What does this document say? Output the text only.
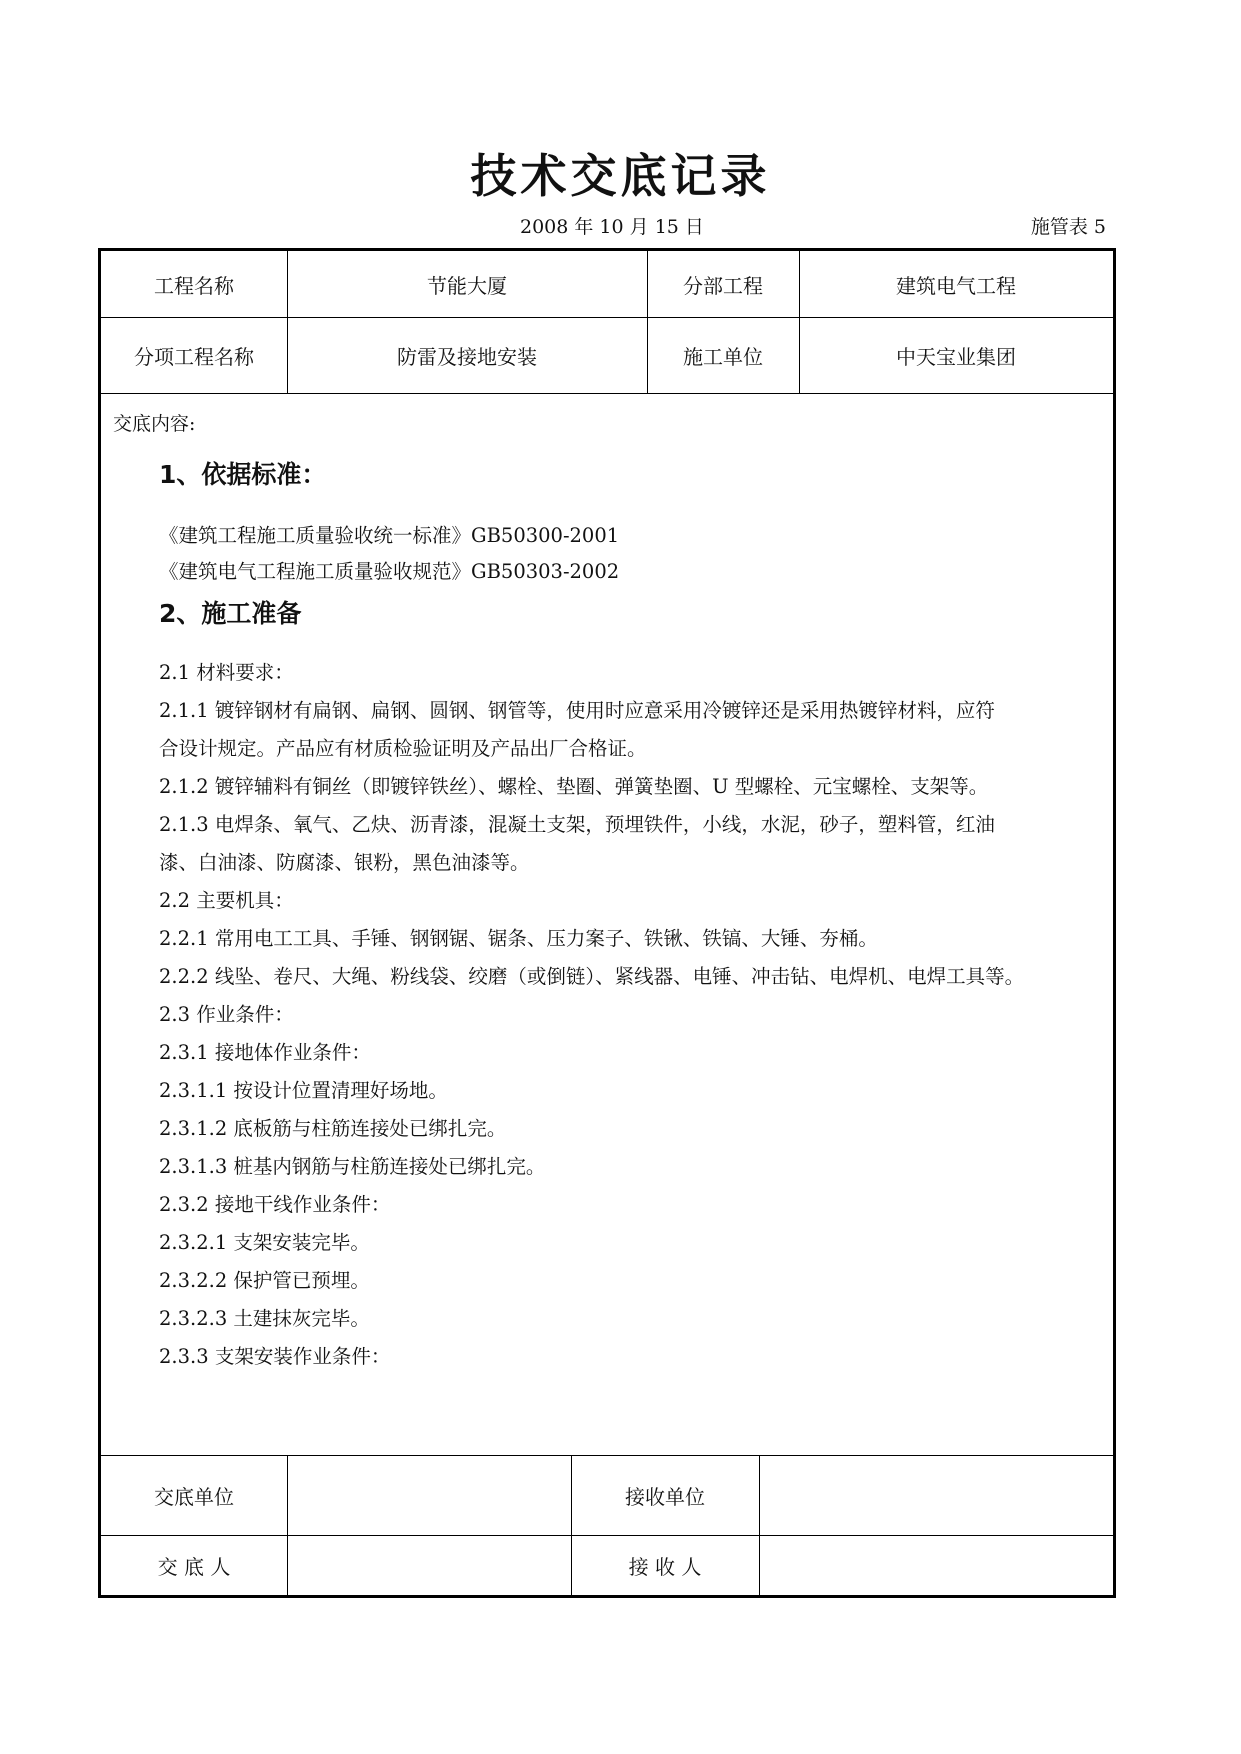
技术交底记录
2008 年 10 月 15 日	施管表 5
工程名称	节能大厦	分部工程	建筑电气工程
分项工程名称	防雷及接地安装	施工单位	中天宝业集团
交底内容:
1、依据标准：
《建筑工程施工质量验收统一标准》GB50300-2001
《建筑电气工程施工质量验收规范》GB50303-2002
2、施工准备
2.1 材料要求：
2.1.1 镀锌钢材有扁钢、扁钢、圆钢、钢管等，使用时应意采用冷镀锌还是采用热镀锌材料，应符
合设计规定。产品应有材质检验证明及产品出厂合格证。
2.1.2 镀锌辅料有铜丝（即镀锌铁丝）、螺栓、垫圈、弹簧垫圈、U 型螺栓、元宝螺栓、支架等。
2.1.3 电焊条、氧气、乙炔、沥青漆，混凝土支架，预埋铁件，小线，水泥，砂子，塑料管，红油
漆、白油漆、防腐漆、银粉，黑色油漆等。
2.2 主要机具：
2.2.1 常用电工工具、手锤、钢钢锯、锯条、压力案子、铁锹、铁镐、大锤、夯桶。
2.2.2 线坠、卷尺、大绳、粉线袋、绞磨（或倒链）、紧线器、电锤、冲击钻、电焊机、电焊工具等。
2.3 作业条件：
2.3.1 接地体作业条件：
2.3.1.1 按设计位置清理好场地。
2.3.1.2 底板筋与柱筋连接处已绑扎完。
2.3.1.3 桩基内钢筋与柱筋连接处已绑扎完。
2.3.2 接地干线作业条件：
2.3.2.1 支架安装完毕。
2.3.2.2 保护管已预埋。
2.3.2.3 土建抹灰完毕。
2.3.3 支架安装作业条件：
交底单位	接收单位
交 底 人	接 收 人
